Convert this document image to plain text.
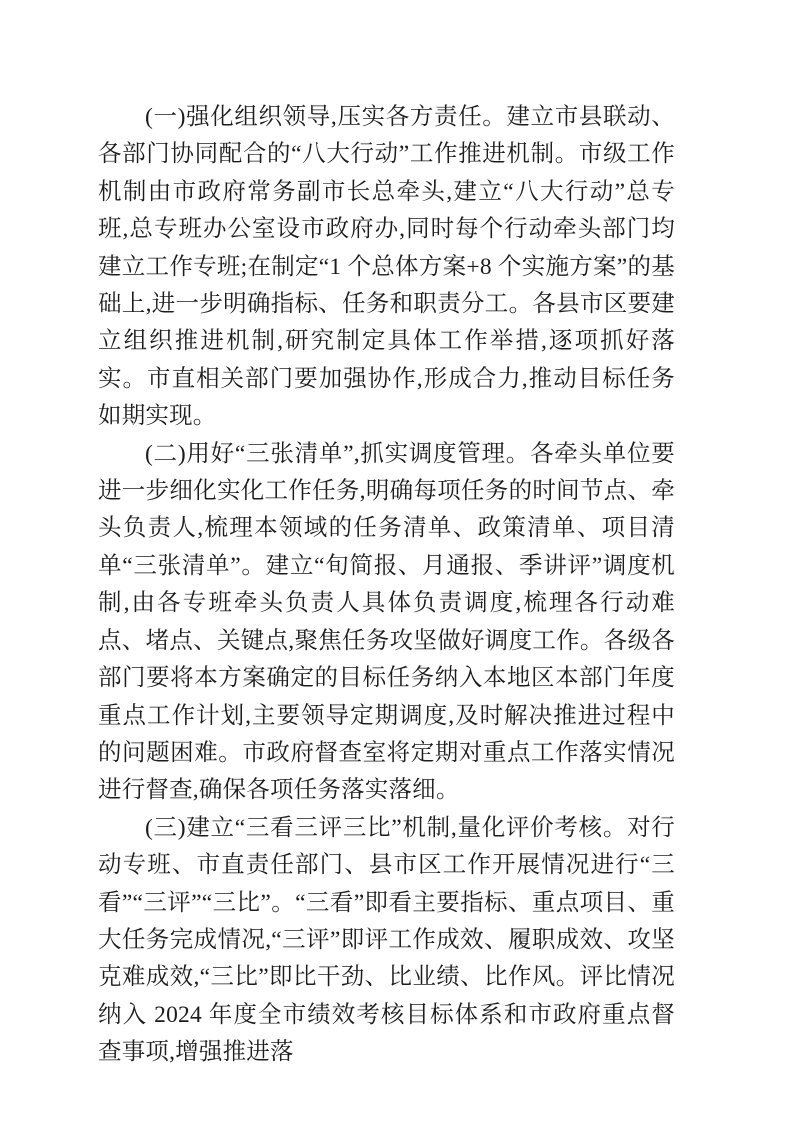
(一)强化组织领导,压实各方责任。建立市县联动、各部门协同配合的“八大行动”工作推进机制。市级工作机制由市政府常务副市长总牵头,建立“八大行动”总专班,总专班办公室设市政府办,同时每个行动牵头部门均建立工作专班;在制定“1 个总体方案+8 个实施方案”的基础上,进一步明确指标、任务和职责分工。各县市区要建立组织推进机制,研究制定具体工作举措,逐项抓好落实。市直相关部门要加强协作,形成合力,推动目标任务如期实现。

(二)用好“三张清单”,抓实调度管理。各牵头单位要进一步细化实化工作任务,明确每项任务的时间节点、牵头负责人,梳理本领域的任务清单、政策清单、项目清单“三张清单”。建立“旬简报、月通报、季讲评”调度机制,由各专班牵头负责人具体负责调度,梳理各行动难点、堵点、关键点,聚焦任务攻坚做好调度工作。各级各部门要将本方案确定的目标任务纳入本地区本部门年度重点工作计划,主要领导定期调度,及时解决推进过程中的问题困难。市政府督查室将定期对重点工作落实情况进行督查,确保各项任务落实落细。

(三)建立“三看三评三比”机制,量化评价考核。对行动专班、市直责任部门、县市区工作开展情况进行“三看”“三评”“三比”。“三看”即看主要指标、重点项目、重大任务完成情况,“三评”即评工作成效、履职成效、攻坚克难成效,“三比”即比干劲、比业绩、比作风。评比情况纳入 2024 年度全市绩效考核目标体系和市政府重点督查事项,增强推进落
